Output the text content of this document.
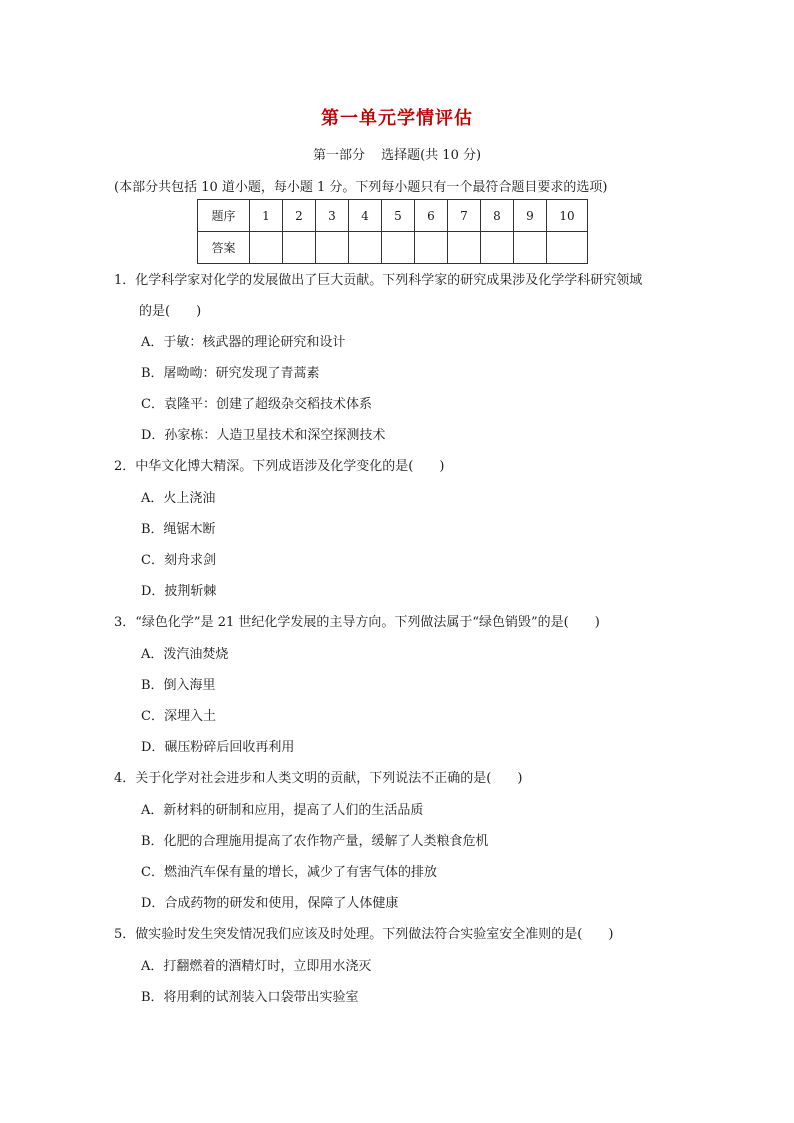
第一单元学情评估
第一部分 选择题(共 10 分)
(本部分共包括 10 道小题，每小题 1 分。下列每小题只有一个最符合题目要求的选项)
题序	1	2	3	4	5	6	7	8	9	10
答案										
1．化学科学家对化学的发展做出了巨大贡献。下列科学家的研究成果涉及化学学科研究领域
的是(　　)
A．于敏：核武器的理论研究和设计
B．屠呦呦：研究发现了青蒿素
C．袁隆平：创建了超级杂交稻技术体系
D．孙家栋：人造卫星技术和深空探测技术
2．中华文化博大精深。下列成语涉及化学变化的是(　　)
A．火上浇油
B．绳锯木断
C．刻舟求剑
D．披荆斩棘
3．“绿色化学”是 21 世纪化学发展的主导方向。下列做法属于“绿色销毁”的是(　　)
A．泼汽油焚烧
B．倒入海里
C．深埋入土
D．碾压粉碎后回收再利用
4．关于化学对社会进步和人类文明的贡献，下列说法不正确的是(　　)
A．新材料的研制和应用，提高了人们的生活品质
B．化肥的合理施用提高了农作物产量，缓解了人类粮食危机
C．燃油汽车保有量的增长，减少了有害气体的排放
D．合成药物的研发和使用，保障了人体健康
5．做实验时发生突发情况我们应该及时处理。下列做法符合实验室安全准则的是(　　)
A．打翻燃着的酒精灯时，立即用水浇灭
B．将用剩的试剂装入口袋带出实验室
